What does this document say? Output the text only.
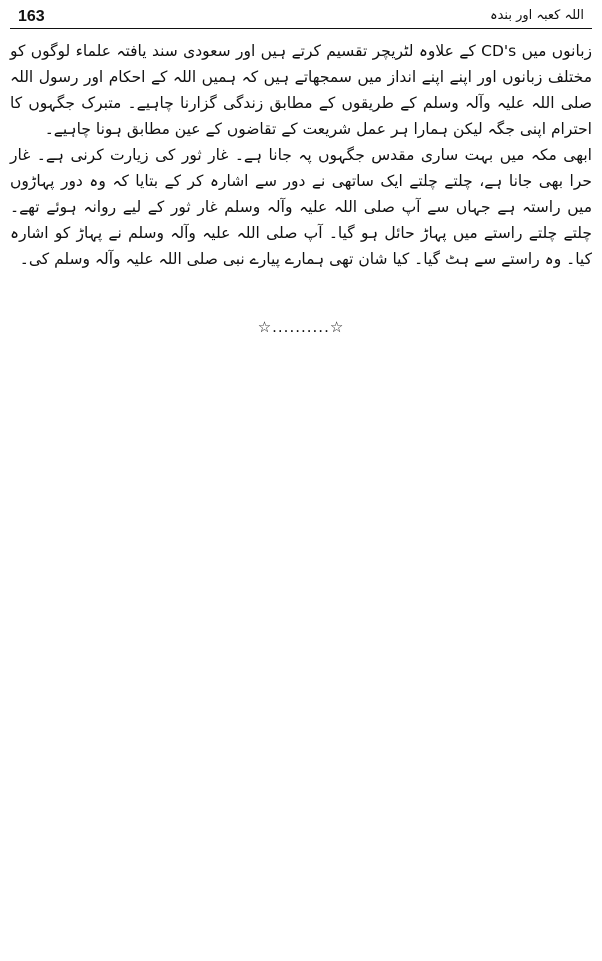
163	اللہ کعبہ اور بندہ

زبانوں میں CD's کے علاوہ لٹریچر تقسیم کرتے ہیں اور سعودی سند یافتہ علماء لوگوں کو مختلف زبانوں اور اپنے اپنے انداز میں سمجھاتے ہیں کہ ہمیں اللہ کے احکام اور رسول اللہ صلی اللہ علیہ وآلہ وسلم کے طریقوں کے مطابق زندگی گزارنا چاہیے۔ متبرک جگہوں کا احترام اپنی جگہ لیکن ہمارا ہر عمل شریعت کے تقاضوں کے عین مطابق ہونا چاہیے۔

ابھی مکہ میں بہت ساری مقدس جگہوں پہ جانا ہے۔ غار ثور کی زیارت کرنی ہے۔ غار حرا بھی جانا ہے، چلتے چلتے ایک ساتھی نے دور سے اشارہ کر کے بتایا کہ وہ دور پہاڑوں میں راستہ ہے جہاں سے آپ صلی اللہ علیہ وآلہ وسلم غار ثور کے لیے روانہ ہوئے تھے۔ چلتے چلتے راستے میں پہاڑ حائل ہو گیا۔ آپ صلی اللہ علیہ وآلہ وسلم نے پہاڑ کو اشارہ کیا۔ وہ راستے سے ہٹ گیا۔ کیا شان تھی ہمارے پیارے نبی صلی اللہ علیہ وآلہ وسلم کی۔

☆..........☆
